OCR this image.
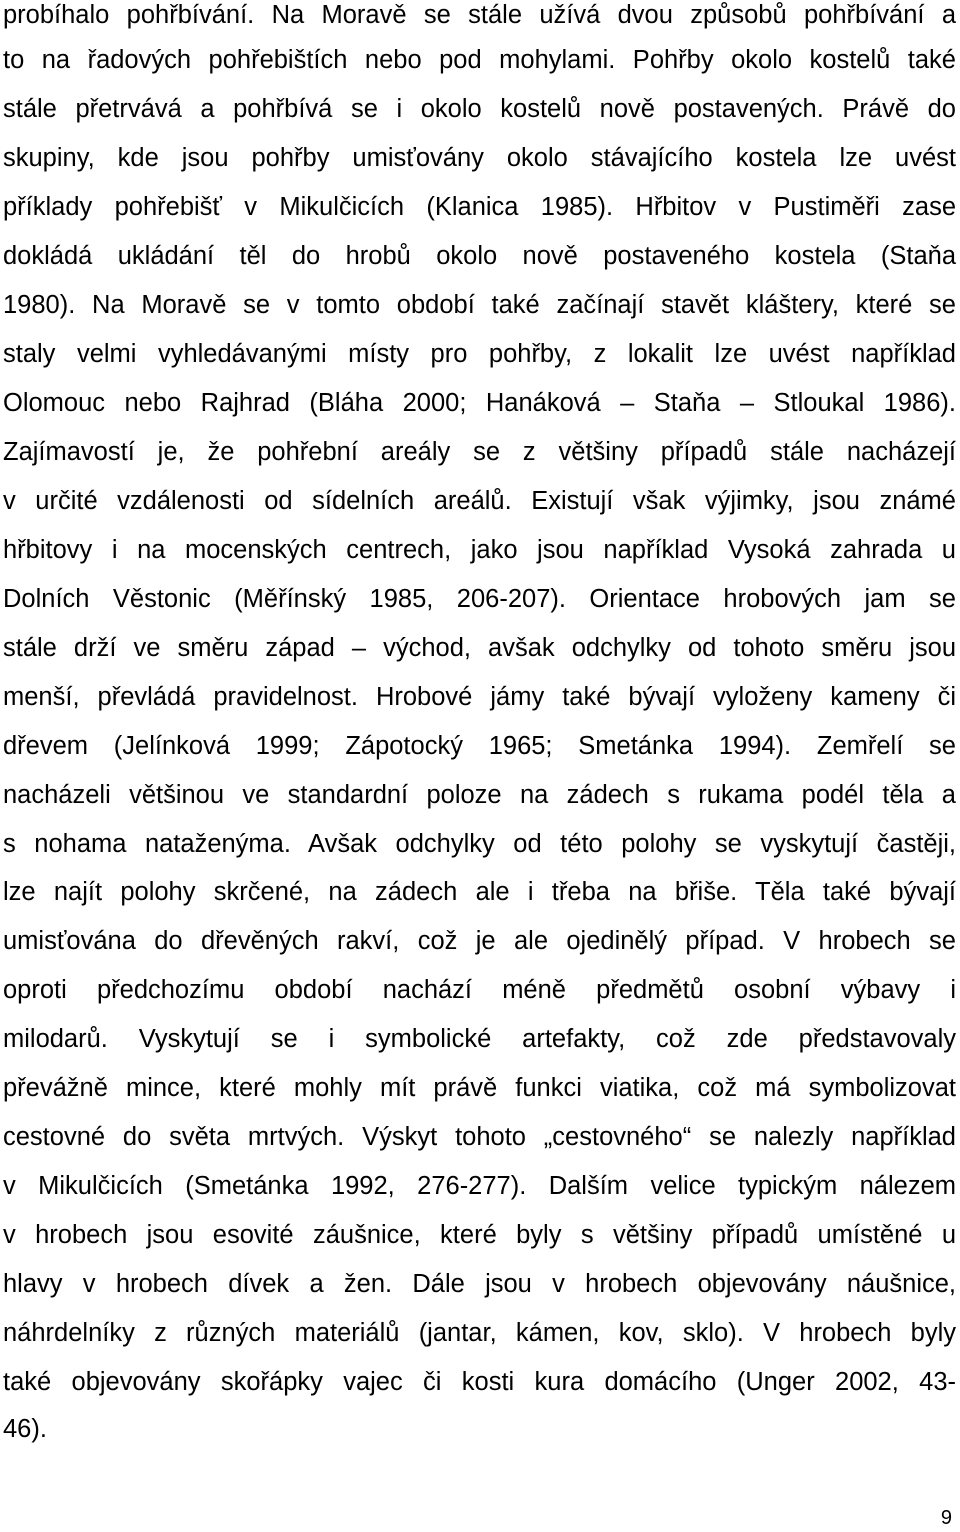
probíhalo pohřbívání. Na Moravě se stále užívá dvou způsobů pohřbívání a
to na řadových pohřebištích nebo pod mohylami. Pohřby okolo kostelů také
stále přetrvává a pohřbívá se i okolo kostelů nově postavených. Právě do
skupiny, kde jsou pohřby umisťovány okolo stávajícího kostela lze uvést
příklady pohřebišť v Mikulčicích (Klanica 1985). Hřbitov v Pustiměři zase
dokládá ukládání těl do hrobů okolo nově postaveného kostela (Staňa
1980). Na Moravě se v tomto období také začínají stavět kláštery, které se
staly velmi vyhledávanými místy pro pohřby, z lokalit lze uvést například
Olomouc nebo Rajhrad (Bláha 2000; Hanáková – Staňa – Stloukal 1986).
Zajímavostí je, že pohřební areály se z většiny případů stále nacházejí
v určité vzdálenosti od sídelních areálů. Existují však výjimky, jsou známé
hřbitovy i na mocenských centrech, jako jsou například Vysoká zahrada u
Dolních Věstonic (Měřínský 1985, 206-207). Orientace hrobových jam se
stále drží ve směru západ – východ, avšak odchylky od tohoto směru jsou
menší, převládá pravidelnost. Hrobové jámy také bývají vyloženy kameny či
dřevem (Jelínková 1999; Zápotocký 1965; Smetánka 1994). Zemřelí se
nacházeli většinou ve standardní poloze na zádech s rukama podél těla a
s nohama nataženýma. Avšak odchylky od této polohy se vyskytují častěji,
lze najít polohy skrčené, na zádech ale i třeba na břiše. Těla také bývají
umisťována do dřevěných rakví, což je ale ojedinělý případ. V hrobech se
oproti předchozímu období nachází méně předmětů osobní výbavy i
milodarů. Vyskytují se i symbolické artefakty, což zde představovaly
převážně mince, které mohly mít právě funkci viatika, což má symbolizovat
cestovné do světa mrtvých. Výskyt tohoto „cestovného“ se nalezly například
v Mikulčicích (Smetánka 1992, 276-277). Dalším velice typickým nálezem
v hrobech jsou esovité záušnice, které byly s většiny případů umístěné u
hlavy v hrobech dívek a žen. Dále jsou v hrobech objevovány náušnice,
náhrdelníky z různých materiálů (jantar, kámen, kov, sklo). V hrobech byly
také objevovány skořápky vajec či kosti kura domácího (Unger 2002, 43-
46).
9
